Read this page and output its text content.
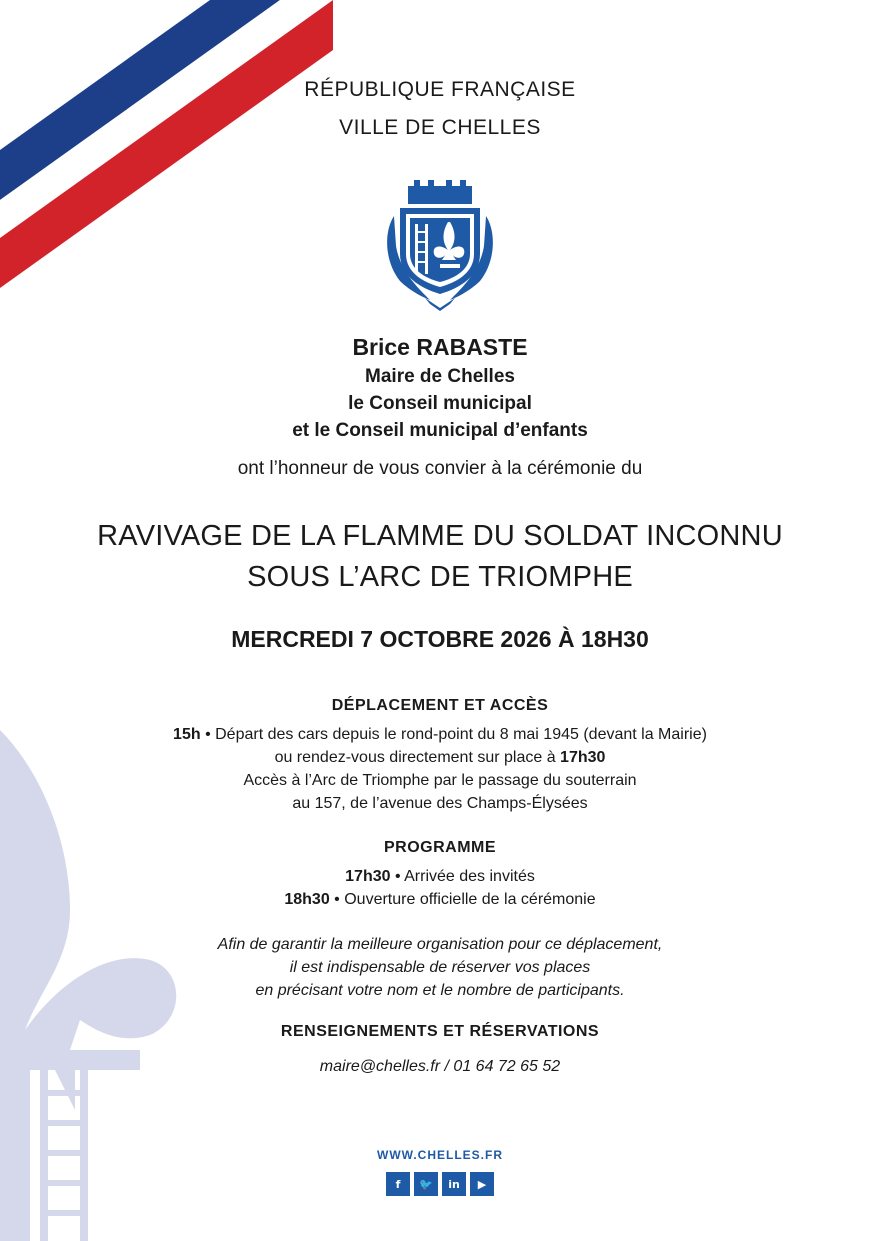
RÉPUBLIQUE FRANÇAISE
VILLE DE CHELLES
Brice RABASTE
Maire de Chelles
le Conseil municipal
et le Conseil municipal d’enfants
ont l’honneur de vous convier à la cérémonie du
RAVIVAGE DE LA FLAMME DU SOLDAT INCONNU
SOUS L’ARC DE TRIOMPHE
MERCREDI 7 OCTOBRE 2026 À 18H30
DÉPLACEMENT ET ACCÈS
15h • Départ des cars depuis le rond-point du 8 mai 1945 (devant la Mairie)
ou rendez-vous directement sur place à 17h30
Accès à l’Arc de Triomphe par le passage du souterrain
au 157, de l’avenue des Champs-Élysées
PROGRAMME
17h30 • Arrivée des invités
18h30 • Ouverture officielle de la cérémonie
Afin de garantir la meilleure organisation pour ce déplacement,
il est indispensable de réserver vos places
en précisant votre nom et le nombre de participants.
RENSEIGNEMENTS ET RÉSERVATIONS
maire@chelles.fr / 01 64 72 65 52
WWW.CHELLES.FR
f	🐦	in	▶
